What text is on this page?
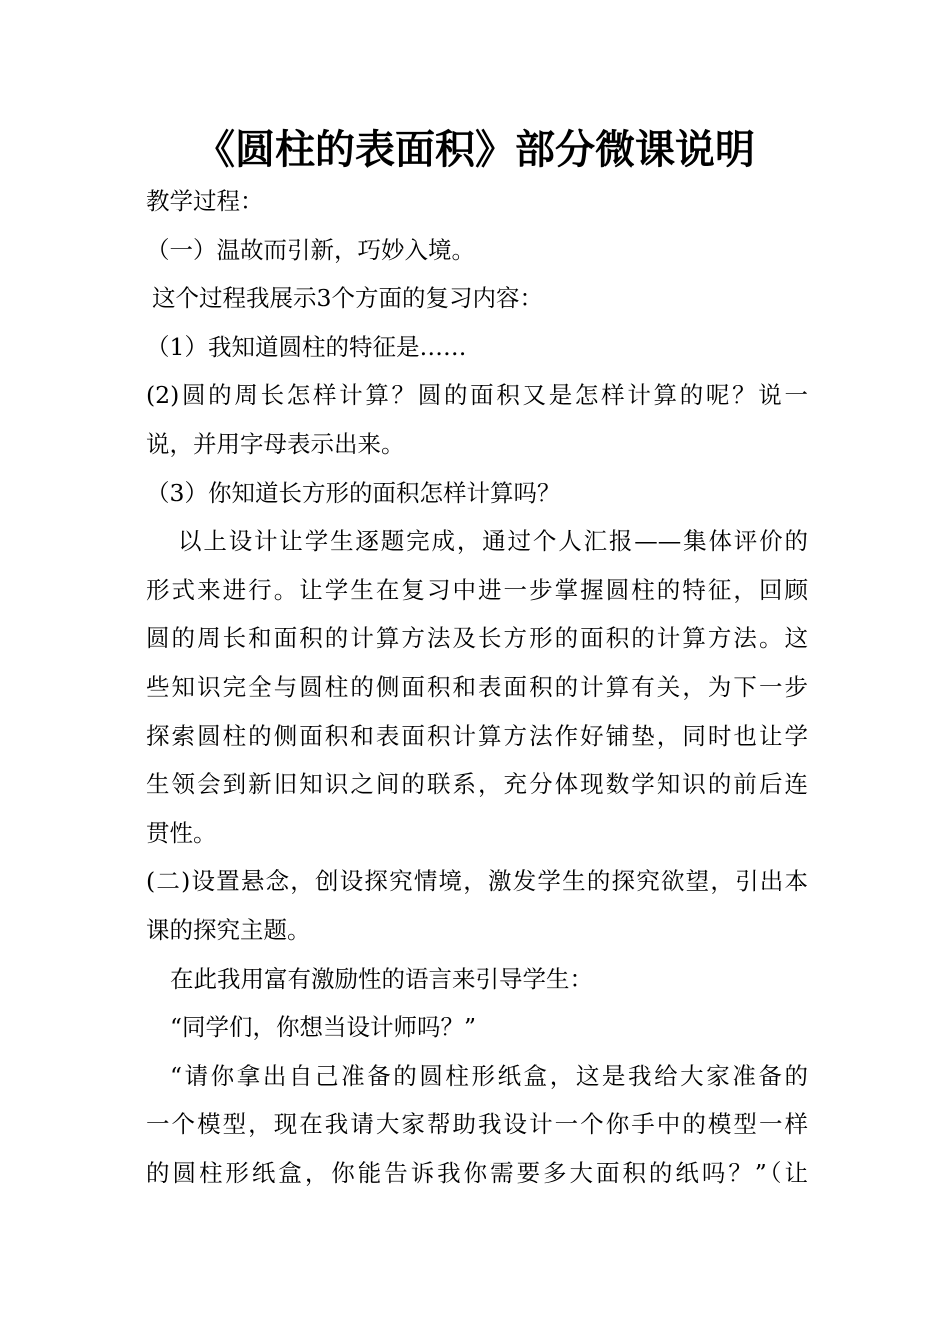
《圆柱的表面积》部分微课说明
教学过程：
（一）温故而引新，巧妙入境。
这个过程我展示3个方面的复习内容：
（1）我知道圆柱的特征是……
(2)圆的周长怎样计算？圆的面积又是怎样计算的呢？说一
说，并用字母表示出来。
（3）你知道长方形的面积怎样计算吗？
以上设计让学生逐题完成，通过个人汇报——集体评价的
形式来进行。让学生在复习中进一步掌握圆柱的特征，回顾
圆的周长和面积的计算方法及长方形的面积的计算方法。这
些知识完全与圆柱的侧面积和表面积的计算有关，为下一步
探索圆柱的侧面积和表面积计算方法作好铺垫，同时也让学
生领会到新旧知识之间的联系，充分体现数学知识的前后连
贯性。
(二)设置悬念，创设探究情境，激发学生的探究欲望，引出本
课的探究主题。
在此我用富有激励性的语言来引导学生：
“同学们，你想当设计师吗？”
“请你拿出自己准备的圆柱形纸盒，这是我给大家准备的
一个模型，现在我请大家帮助我设计一个你手中的模型一样
的圆柱形纸盒，你能告诉我你需要多大面积的纸吗？”（让
